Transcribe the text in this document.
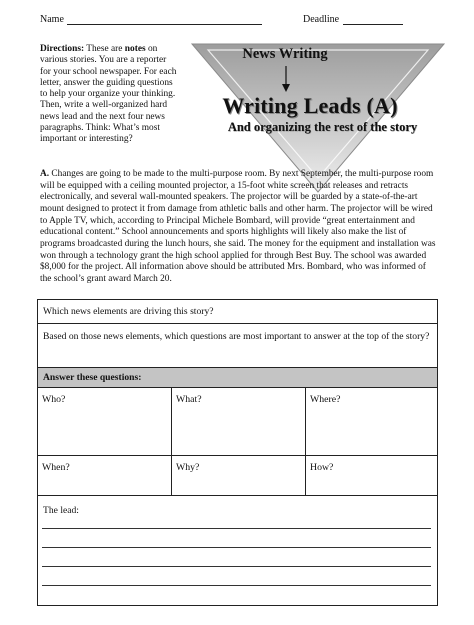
Name	Deadline
Directions: These are notes on various stories. You are a reporter for your school newspaper. For each letter, answer the guiding questions to help your organize your thinking. Then, write a well-organized hard news lead and the next four news paragraphs. Think: What’s most important or interesting?
News Writing
Writing Leads (A)
And organizing the rest of the story
A. Changes are going to be made to the multi-purpose room. By next September, the multi-purpose room will be equipped with a ceiling mounted projector, a 15-foot white screen that releases and retracts electronically, and several wall-mounted speakers. The projector will be guarded by a state-of-the-art mount designed to protect it from damage from athletic balls and other harm. The projector will be wired to Apple TV, which, according to Principal Michele Bombard, will provide “great entertainment and educational content.” School announcements and sports highlights will likely also make the list of programs broadcasted during the lunch hours, she said. The money for the equipment and installation was won through a technology grant the high school applied for through Best Buy. The school was awarded $8,000 for the project. All information above should be attributed Mrs. Bombard, who was informed of the school’s grant award March 20.
Which news elements are driving this story?
Based on those news elements, which questions are most important to answer at the top of the story?
Answer these questions:
Who?	What?	Where?
When?	Why?	How?
The lead:
